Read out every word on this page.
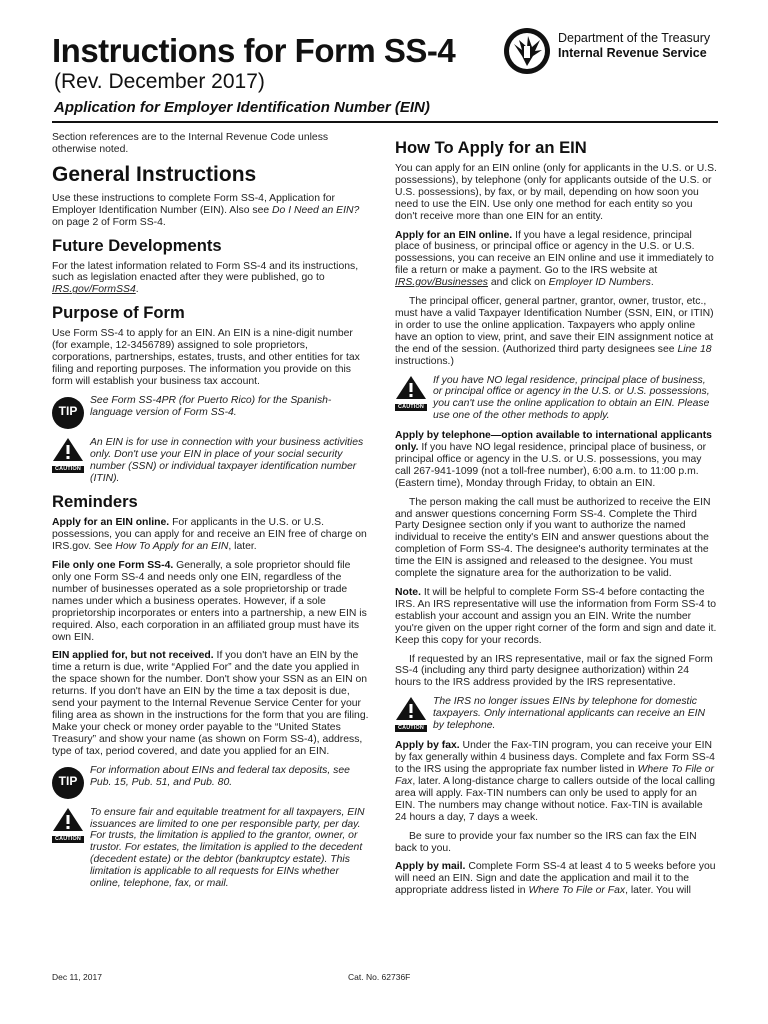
Instructions for Form SS-4
(Rev. December 2017)
Application for Employer Identification Number (EIN)
Department of the Treasury
Internal Revenue Service

Section references are to the Internal Revenue Code unless otherwise noted.

General Instructions

Use these instructions to complete Form SS-4, Application for Employer Identification Number (EIN). Also see Do I Need an EIN? on page 2 of Form SS-4.

Future Developments

For the latest information related to Form SS-4 and its instructions, such as legislation enacted after they were published, go to IRS.gov/FormSS4.

Purpose of Form

Use Form SS-4 to apply for an EIN. An EIN is a nine-digit number (for example, 12-3456789) assigned to sole proprietors, corporations, partnerships, estates, trusts, and other entities for tax filing and reporting purposes. The information you provide on this form will establish your business tax account.

TIP

See Form SS-4PR (for Puerto Rico) for the Spanish-language version of Form SS-4.

CAUTION

An EIN is for use in connection with your business activities only. Don't use your EIN in place of your social security number (SSN) or individual taxpayer identification number (ITIN).

Reminders

Apply for an EIN online. For applicants in the U.S. or U.S. possessions, you can apply for and receive an EIN free of charge on IRS.gov. See How To Apply for an EIN, later.

File only one Form SS-4. Generally, a sole proprietor should file only one Form SS-4 and needs only one EIN, regardless of the number of businesses operated as a sole proprietorship or trade names under which a business operates. However, if a sole proprietorship incorporates or enters into a partnership, a new EIN is required. Also, each corporation in an affiliated group must have its own EIN.

EIN applied for, but not received. If you don't have an EIN by the time a return is due, write “Applied For” and the date you applied in the space shown for the number. Don't show your SSN as an EIN on returns. If you don't have an EIN by the time a tax deposit is due, send your payment to the Internal Revenue Service Center for your filing area as shown in the instructions for the form that you are filing. Make your check or money order payable to the “United States Treasury” and show your name (as shown on Form SS-4), address, type of tax, period covered, and date you applied for an EIN.

TIP

For information about EINs and federal tax deposits, see Pub. 15, Pub. 51, and Pub. 80.

CAUTION

To ensure fair and equitable treatment for all taxpayers, EIN issuances are limited to one per responsible party, per day. For trusts, the limitation is applied to the grantor, owner, or trustor. For estates, the limitation is applied to the decedent (decedent estate) or the debtor (bankruptcy estate). This limitation is applicable to all requests for EINs whether online, telephone, fax, or mail.

How To Apply for an EIN

You can apply for an EIN online (only for applicants in the U.S. or U.S. possessions), by telephone (only for applicants outside of the U.S. or U.S. possessions), by fax, or by mail, depending on how soon you need to use the EIN. Use only one method for each entity so you don't receive more than one EIN for an entity.

Apply for an EIN online. If you have a legal residence, principal place of business, or principal office or agency in the U.S. or U.S. possessions, you can receive an EIN online and use it immediately to file a return or make a payment. Go to the IRS website at IRS.gov/Businesses and click on Employer ID Numbers.

The principal officer, general partner, grantor, owner, trustor, etc., must have a valid Taxpayer Identification Number (SSN, EIN, or ITIN) in order to use the online application. Taxpayers who apply online have an option to view, print, and save their EIN assignment notice at the end of the session. (Authorized third party designees see Line 18 instructions.)

CAUTION

If you have NO legal residence, principal place of business, or principal office or agency in the U.S. or U.S. possessions, you can't use the online application to obtain an EIN. Please use one of the other methods to apply.

Apply by telephone—option available to international applicants only. If you have NO legal residence, principal place of business, or principal office or agency in the U.S. or U.S. possessions, you may call 267-941-1099 (not a toll-free number), 6:00 a.m. to 11:00 p.m. (Eastern time), Monday through Friday, to obtain an EIN.

The person making the call must be authorized to receive the EIN and answer questions concerning Form SS-4. Complete the Third Party Designee section only if you want to authorize the named individual to receive the entity's EIN and answer questions about the completion of Form SS-4. The designee's authority terminates at the time the EIN is assigned and released to the designee. You must complete the signature area for the authorization to be valid.

Note. It will be helpful to complete Form SS-4 before contacting the IRS. An IRS representative will use the information from Form SS-4 to establish your account and assign you an EIN. Write the number you're given on the upper right corner of the form and sign and date it. Keep this copy for your records.

If requested by an IRS representative, mail or fax the signed Form SS-4 (including any third party designee authorization) within 24 hours to the IRS address provided by the IRS representative.

CAUTION

The IRS no longer issues EINs by telephone for domestic taxpayers. Only international applicants can receive an EIN by telephone.

Apply by fax. Under the Fax-TIN program, you can receive your EIN by fax generally within 4 business days. Complete and fax Form SS-4 to the IRS using the appropriate fax number listed in Where To File or Fax, later. A long-distance charge to callers outside of the local calling area will apply. Fax-TIN numbers can only be used to apply for an EIN. The numbers may change without notice. Fax-TIN is available 24 hours a day, 7 days a week.

Be sure to provide your fax number so the IRS can fax the EIN back to you.

Apply by mail. Complete Form SS-4 at least 4 to 5 weeks before you will need an EIN. Sign and date the application and mail it to the appropriate address listed in Where To File or Fax, later. You will

Dec 11, 2017	Cat. No. 62736F
